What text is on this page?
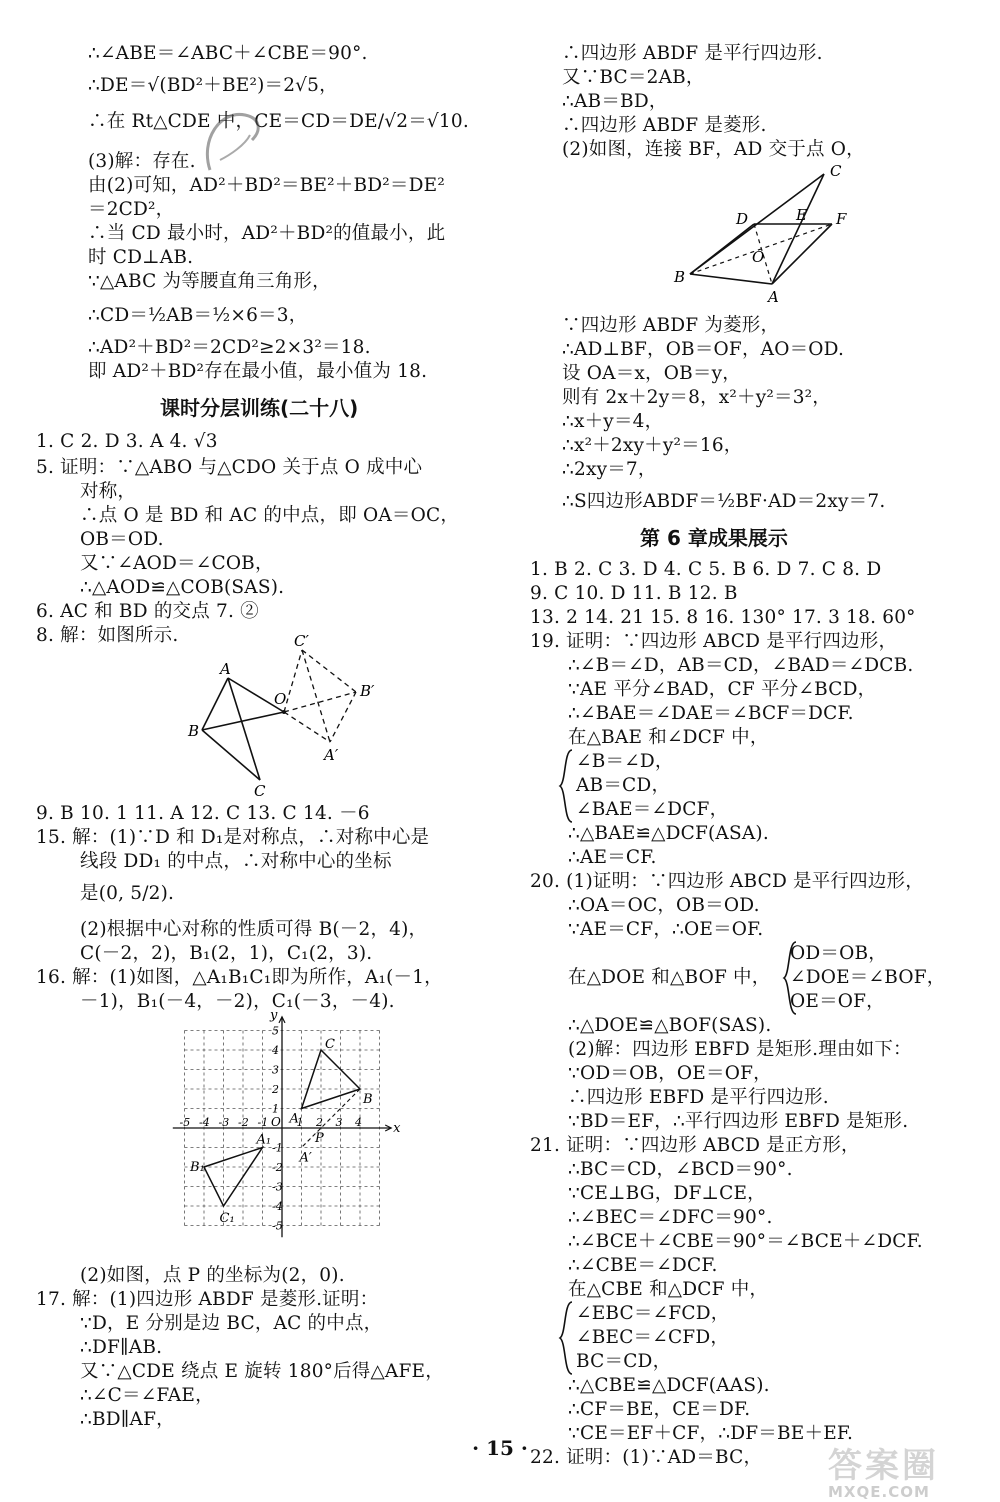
∴∠ABE＝∠ABC＋∠CBE＝90°.
∴DE＝√(BD²＋BE²)＝2√5，
∴在 Rt△CDE 中，CE＝CD＝DE/√2＝√10.
(3)解：存在.
由(2)可知，AD²＋BD²＝BE²＋BD²＝DE²
＝2CD²，
∴当 CD 最小时，AD²＋BD²的值最小，此
时 CD⊥AB.
∵△ABC 为等腰直角三角形，
∴CD＝½AB＝½×6＝3，
∴AD²＋BD²＝2CD²≥2×3²＝18.
即 AD²＋BD²存在最小值，最小值为 18.
1. C 2. D 3. A 4. √3
5. 证明：∵△ABO 与△CDO 关于点 O 成中心
对称，
∴点 O 是 BD 和 AC 的中点，即 OA＝OC，
OB＝OD.
又∵∠AOD＝∠COB，
∴△AOD≌△COB(SAS).
6. AC 和 BD 的交点 7. ②
8. 解：如图所示.
9. B 10. 1 11. A 12. C 13. C 14. －6
15. 解：(1)∵D 和 D₁是对称点，∴对称中心是
线段 DD₁ 的中点，∴对称中心的坐标
是(0, 5/2).
(2)根据中心对称的性质可得 B(－2，4)，
C(－2，2)，B₁(2，1)，C₁(2，3).
16. 解：(1)如图，△A₁B₁C₁即为所作，A₁(－1，
－1)，B₁(－4，－2)，C₁(－3，－4).
(2)如图，点 P 的坐标为(2，0).
17. 解：(1)四边形 ABDF 是菱形.证明：
∵D，E 分别是边 BC，AC 的中点，
∴DF∥AB.
又∵△CDE 绕点 E 旋转 180°后得△AFE，
∴∠C＝∠FAE，
∴BD∥AF，
课时分层训练(二十八)
A
B
C
O
C′
B′
A′
x
y
O
-5 -4 -3 -2 -1	1 2 3 4
5
4
3
2
1
-1
-2
-3
-4
-5
A
B
C
A₁
B₁
C₁
P
A′
∴四边形 ABDF 是平行四边形.
又∵BC＝2AB，
∴AB＝BD，
∴四边形 ABDF 是菱形.
(2)如图，连接 BF，AD 交于点 O，
∵四边形 ABDF 为菱形，
∴AD⊥BF，OB＝OF，AO＝OD.
设 OA＝x，OB＝y，
则有 2x＋2y＝8，x²＋y²＝3²，
∴x＋y＝4，
∴x²＋2xy＋y²＝16，
∴2xy＝7，
∴S四边形ABDF＝½BF·AD＝2xy＝7.
1. B 2. C 3. D 4. C 5. B 6. D 7. C 8. D
9. C 10. D 11. B 12. B
13. 2 14. 21 15. 8 16. 130° 17. 3 18. 60°
19. 证明：∵四边形 ABCD 是平行四边形，
∴∠B＝∠D，AB＝CD，∠BAD＝∠DCB.
∵AE 平分∠BAD，CF 平分∠BCD，
∴∠BAE＝∠DAE＝∠BCF＝DCF.
在△BAE 和∠DCF 中，
∠B＝∠D，
AB＝CD，
∠BAE＝∠DCF，
∴△BAE≌△DCF(ASA).
∴AE＝CF.
20. (1)证明：∵四边形 ABCD 是平行四边形，
∴OA＝OC，OB＝OD.
∵AE＝CF，∴OE＝OF.
OD＝OB，
在△DOE 和△BOF 中， ∠DOE＝∠BOF，
OE＝OF，
∴△DOE≌△BOF(SAS).
(2)解：四边形 EBFD 是矩形.理由如下：
∵OD＝OB，OE＝OF，
∴四边形 EBFD 是平行四边形.
∵BD＝EF，∴平行四边形 EBFD 是矩形.
21. 证明：∵四边形 ABCD 是正方形，
∴BC＝CD，∠BCD＝90°.
∵CE⊥BG，DF⊥CE，
∴∠BEC＝∠DFC＝90°.
∴∠BCE＋∠CBE＝90°＝∠BCE＋∠DCF.
∴∠CBE＝∠DCF.
在△CBE 和△DCF 中，
∠EBC＝∠FCD，
∠BEC＝∠CFD，
BC＝CD，
∴△CBE≌△DCF(AAS).
∴CF＝BE，CE＝DF.
∵CE＝EF＋CF，∴DF＝BE＋EF.
22. 证明：(1)∵AD＝BC，
第 6 章成果展示
C
D	E F
O
B
A
· 15 ·	答案圈
MXQE.COM
